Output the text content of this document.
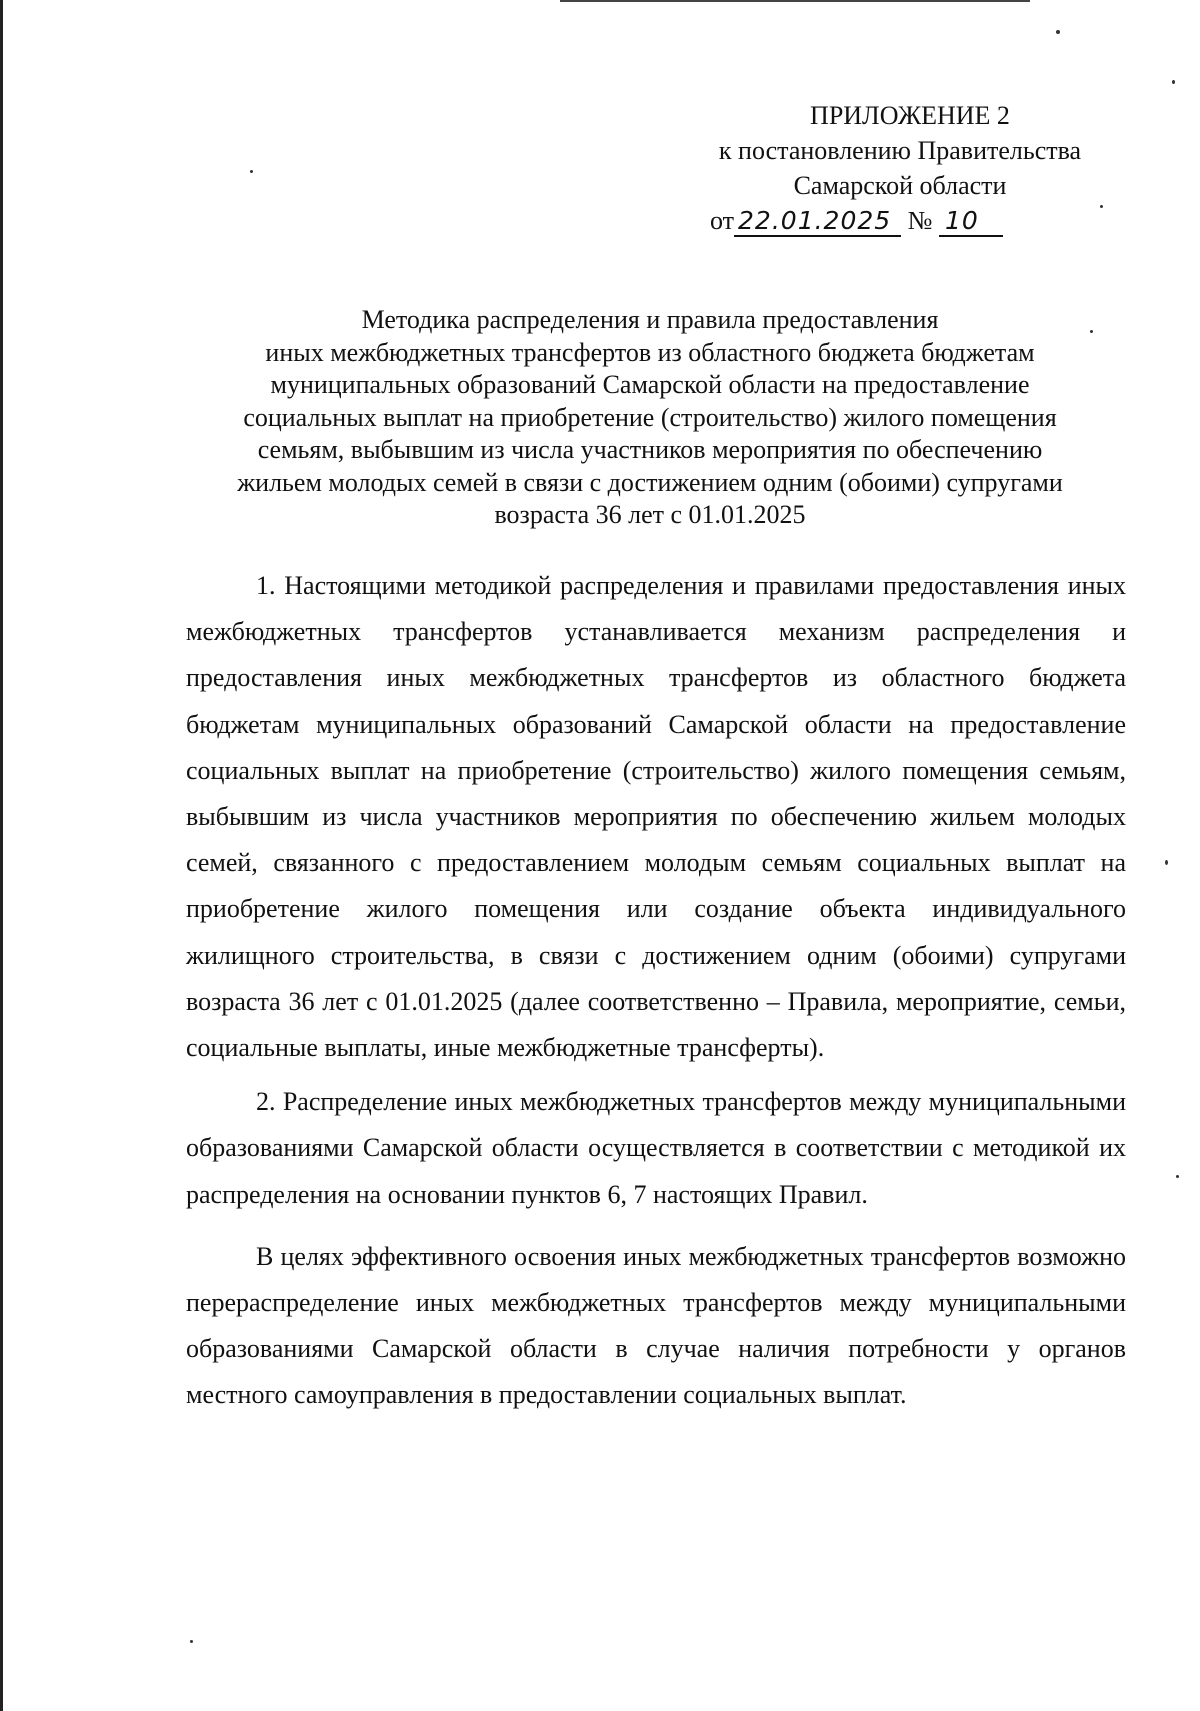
ПРИЛОЖЕНИЕ 2
к постановлению Правительства
Самарской области
от 22.01.2025 № 10
Методика распределения и правила предоставления
иных межбюджетных трансфертов из областного бюджета бюджетам
муниципальных образований Самарской области на предоставление
социальных выплат на приобретение (строительство) жилого помещения
семьям, выбывшим из числа участников мероприятия по обеспечению
жильем молодых семей в связи с достижением одним (обоими) супругами
возраста 36 лет с 01.01.2025

1. Настоящими методикой распределения и правилами предоставления иных межбюджетных трансфертов устанавливается механизм распределения и предоставления иных межбюджетных трансфертов из областного бюджета бюджетам муниципальных образований Самарской области на предоставление социальных выплат на приобретение (строительство) жилого помещения семьям, выбывшим из числа участников мероприятия по обеспечению жильем молодых семей, связанного с предоставлением молодым семьям социальных выплат на приобретение жилого помещения или создание объекта индивидуального жилищного строительства, в связи с достижением одним (обоими) супругами возраста 36 лет с 01.01.2025 (далее соответственно – Правила, мероприятие, семьи, социальные выплаты, иные межбюджетные трансферты).

2. Распределение иных межбюджетных трансфертов между муниципальными образованиями Самарской области осуществляется в соответствии с методикой их распределения на основании пунктов 6, 7 настоящих Правил.

В целях эффективного освоения иных межбюджетных трансфертов возможно перераспределение иных межбюджетных трансфертов между муниципальными образованиями Самарской области в случае наличия потребности у органов местного самоуправления в предоставлении социальных выплат.
